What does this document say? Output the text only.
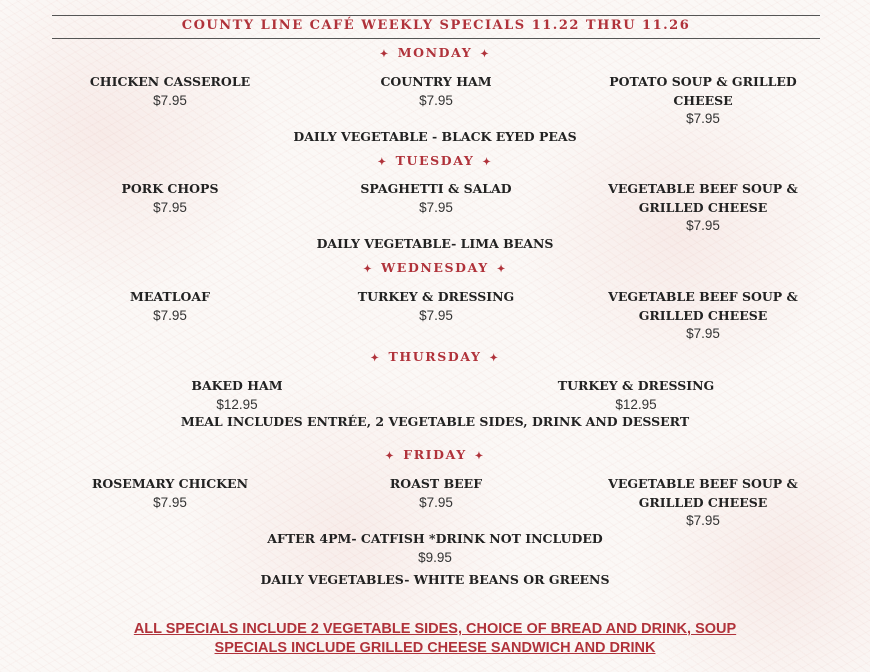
COUNTY LINE CAFÉ WEEKLY SPECIALS 11.22 THRU 11.26
✦ MONDAY ✦
CHICKEN CASSEROLE
$7.95
COUNTRY HAM
$7.95
POTATO SOUP & GRILLED CHEESE
$7.95
DAILY VEGETABLE - BLACK EYED PEAS
✦ TUESDAY ✦
PORK CHOPS
$7.95
SPAGHETTI & SALAD
$7.95
VEGETABLE BEEF SOUP & GRILLED CHEESE
$7.95
DAILY VEGETABLE- LIMA BEANS
✦ WEDNESDAY ✦
MEATLOAF
$7.95
TURKEY & DRESSING
$7.95
VEGETABLE BEEF SOUP & GRILLED CHEESE
$7.95
✦ THURSDAY ✦
BAKED HAM
$12.95
TURKEY & DRESSING
$12.95
MEAL INCLUDES ENTRÉE, 2 VEGETABLE SIDES, DRINK AND DESSERT
✦ FRIDAY ✦
ROSEMARY CHICKEN
$7.95
ROAST BEEF
$7.95
VEGETABLE BEEF SOUP & GRILLED CHEESE
$7.95
AFTER 4PM- CATFISH *DRINK NOT INCLUDED
$9.95
DAILY VEGETABLES- WHITE BEANS OR GREENS
ALL SPECIALS INCLUDE 2 VEGETABLE SIDES, CHOICE OF BREAD AND DRINK, SOUP
SPECIALS INCLUDE GRILLED CHEESE SANDWICH AND DRINK
